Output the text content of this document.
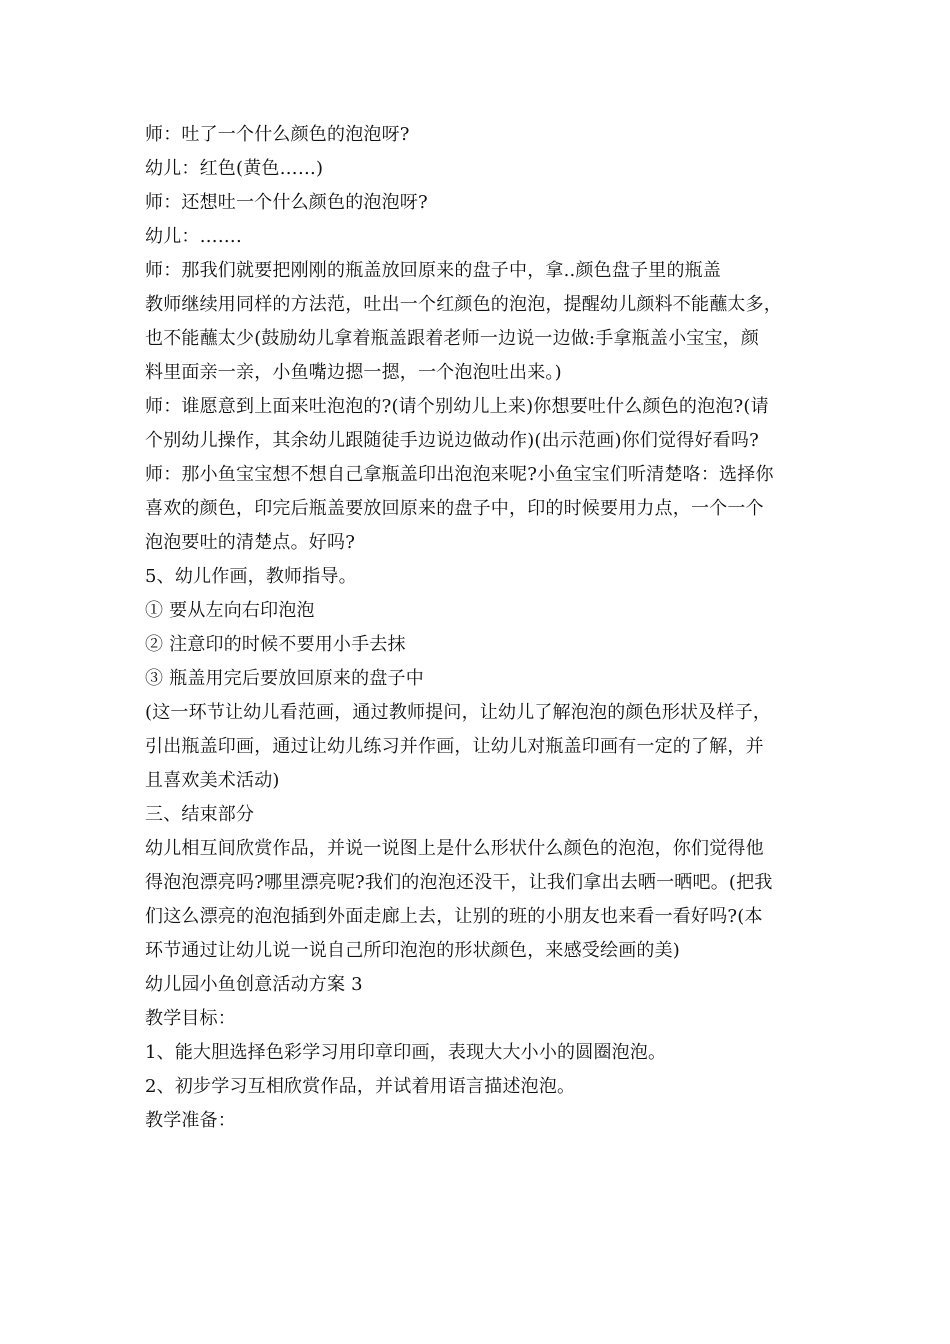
师：吐了一个什么颜色的泡泡呀?
幼儿：红色(黄色……)
师：还想吐一个什么颜色的泡泡呀?
幼儿：…….
师：那我们就要把刚刚的瓶盖放回原来的盘子中，拿..颜色盘子里的瓶盖
教师继续用同样的方法范，吐出一个红颜色的泡泡，提醒幼儿颜料不能蘸太多，
也不能蘸太少(鼓励幼儿拿着瓶盖跟着老师一边说一边做:手拿瓶盖小宝宝，颜
料里面亲一亲，小鱼嘴边摁一摁，一个泡泡吐出来。)
师：谁愿意到上面来吐泡泡的?(请个别幼儿上来)你想要吐什么颜色的泡泡?(请
个别幼儿操作，其余幼儿跟随徒手边说边做动作)(出示范画)你们觉得好看吗?
师：那小鱼宝宝想不想自己拿瓶盖印出泡泡来呢?小鱼宝宝们听清楚咯：选择你
喜欢的颜色，印完后瓶盖要放回原来的盘子中，印的时候要用力点，一个一个
泡泡要吐的清楚点。好吗?
5、幼儿作画，教师指导。
① 要从左向右印泡泡
② 注意印的时候不要用小手去抹
③ 瓶盖用完后要放回原来的盘子中
(这一环节让幼儿看范画，通过教师提问，让幼儿了解泡泡的颜色形状及样子，
引出瓶盖印画，通过让幼儿练习并作画，让幼儿对瓶盖印画有一定的了解，并
且喜欢美术活动)
三、结束部分
幼儿相互间欣赏作品，并说一说图上是什么形状什么颜色的泡泡，你们觉得他
得泡泡漂亮吗?哪里漂亮呢?我们的泡泡还没干，让我们拿出去晒一晒吧。(把我
们这么漂亮的泡泡插到外面走廊上去，让别的班的小朋友也来看一看好吗?(本
环节通过让幼儿说一说自己所印泡泡的形状颜色，来感受绘画的美)
幼儿园小鱼创意活动方案 3
教学目标：
1、能大胆选择色彩学习用印章印画，表现大大小小的圆圈泡泡。
2、初步学习互相欣赏作品，并试着用语言描述泡泡。
教学准备：
